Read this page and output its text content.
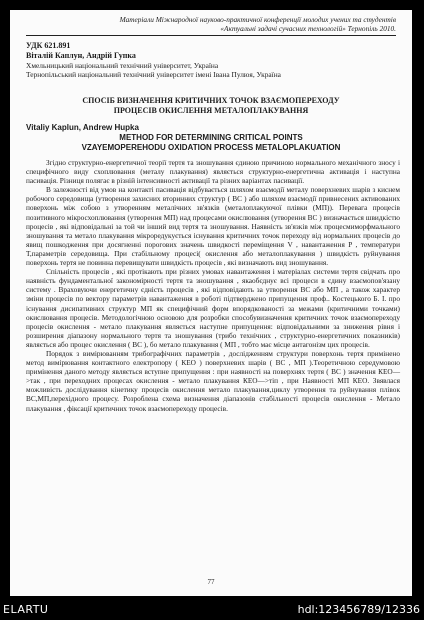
Матеріали Міжнародної науково-практичної конференції молодих учених та студентів
«Актуальні задачі сучасних технологій» Тернопіль 2010.
УДК 621.891
Віталій Каплун, Андрій Гупка
Хмельницький національний технічний університет, Україна
Тернопільський національний технічний університет імені Івана Пулюя, Україна
СПОСІБ ВИЗНАЧЕННЯ КРИТИЧНИХ ТОЧОК ВЗАЄМОПЕРЕХОДУ
ПРОЦЕСІВ ОКИСЛЕННЯ МЕТАЛОПЛАКУВАННЯ
Vitaliy Kaplun, Andrew Hupka
METHOD FOR DETERMINING CRITICAL POINTS
VZAYEMOPEREHODU OXIDATION PROCESS METALOPLAKUATION

Згідно структурно-енергетичної теорії тертя та зношування єдиною причиною нормального механічного зносу і специфічного виду схоплювання (металу плакування) являється структурно-енергетична активація і наступна пасивація. Різниця полягає в різній інтенсивності активації та різних варіантах пасивації.

В залежності від умов на контакті пасивація відбувається шляхом взаємодії металу поверхневих шарів з киснем робочого середовища (утворення захисних вторинних структур ( ВС ) або шляхом взаємодії привнесених активованих поверхонь між собою з утворенням металічних зв'язків (металоплакуючої плівки (МП)). Перевага процесів позитивного мікросхоплювання (утворення МП) над процесами окислювання (утворення ВС ) визначається швидкістю процесів , які відповідальні за той чи інший вид тертя та зношування. Наявність зв'язків між процесмиморфмального зношування та метало плакування мікроредукується існування критичних точок переходу від нормальних процесів до явищ пошкодження при досягненні порогових значень швидкості переміщення V , навантаження P , температури T,параметрів середовища. При стабільному процесі( окислення або металоплакування ) швидкість руйнування поверхонь тертя не повинна перевищувати швидкість процесів , які визначають вид зношування.

Спільність процесів , які протікають при різних умовах навантаження і матеріалах системи тертя свідчать про наявність фундаментальної закономірності тертя та зношування , якаобєднує всі процеси в єдину взаємопов'язану систему . Враховуючи енергетичну єдність процесів , які відповідають за утворення ВС або МП , а також характер зміни процесів по вектору параметрів навантаження в роботі підтверджено припущення проф.. Костецького Б. І. про існування дисипативних структур МП як специфічний форм впорядкованості за межами (критичними точками) окислювання процесів. Методологічною основою для розробки способувизначення критичних точок взаємопереходу процесів окислення - метало плакування являється наступне припущення: відповідальними за зниження рівня і розширення діапазону нормального тертя та зношування (трибо технічних , структурно-енергетичних показників) являється або процес окислення ( ВС ), бо метало плакування ( МП , тобто має місце антагонізм цих процесів.

Порядок з вимірюванням трибографічних параметрів , дослідженням структури поверхонь тертя примінено метод вимірювання контактного електропору ( КЕО ) поверхневих шарів ( ВС , МП ).Теоретичною середумовою примінення даного методу являється вступне припущення : при наявності на поверхнях тертя ( ВС ) значення КЕО—>так , при переходних процесах окислення - метало плакування КЕО—>тіп , при Наявності МП КЕО. Звявлася можливість дослідування кінетику процесів окислення метало плакування,циклу утворення та руйнування плівок ВС,МП,перехідного процесу. Розроблена схема визначення діапазонів стабільності процесів окислення - Метало плакування , фіксації критичних точок взаємопереходу процесів.

77
ELARTU	hdl:123456789/12336
